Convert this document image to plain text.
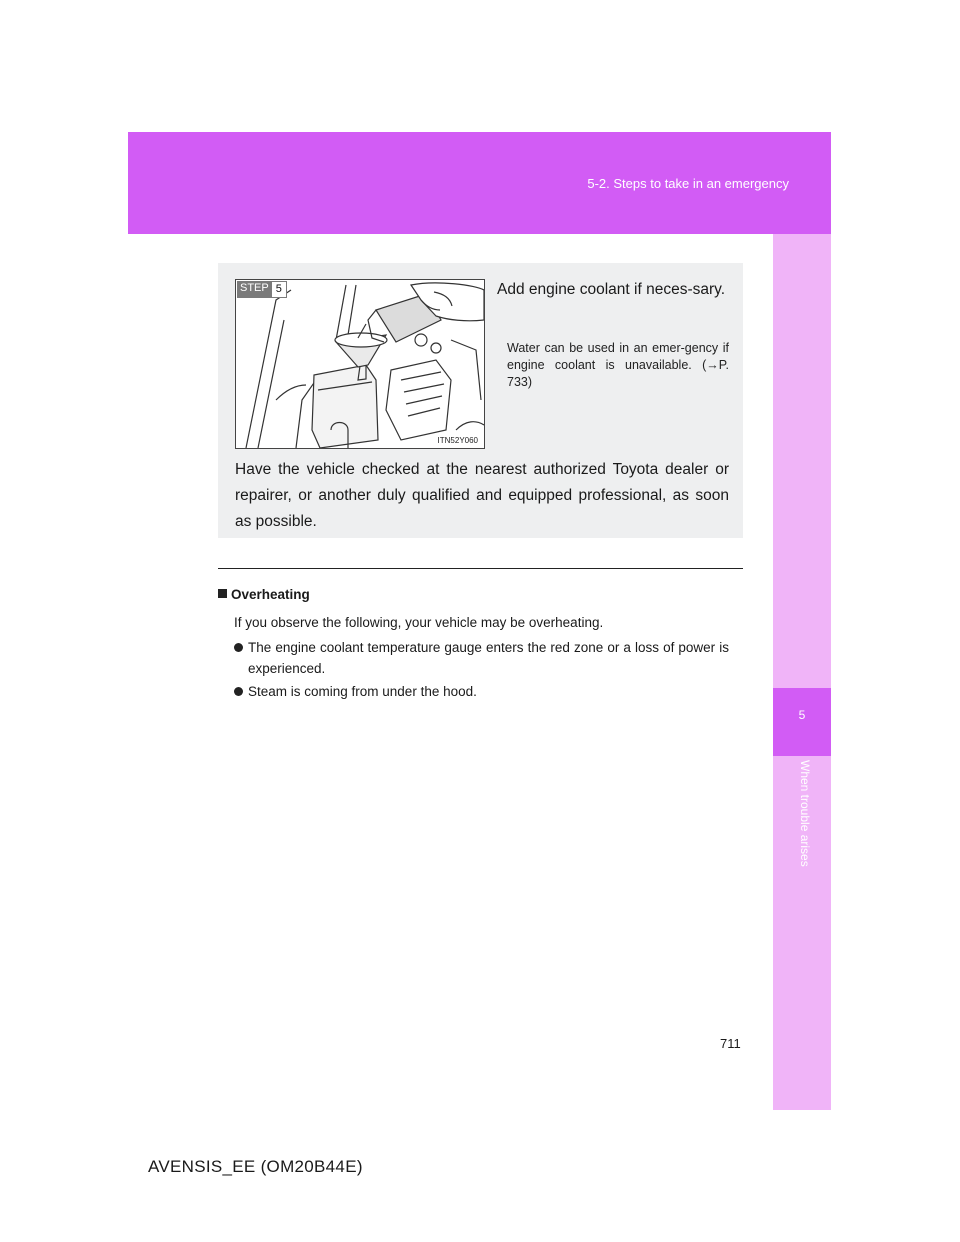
5-2. Steps to take in an emergency
5
When trouble arises
STEP 5
ITN52Y060
Add engine coolant if neces-sary.
Water can be used in an emer-gency if engine coolant is unavailable. (→P. 733)
Have the vehicle checked at the nearest authorized Toyota dealer or repairer, or another duly qualified and equipped professional, as soon as possible.
Overheating
If you observe the following, your vehicle may be overheating.
The engine coolant temperature gauge enters the red zone or a loss of power is experienced.
Steam is coming from under the hood.
711
AVENSIS_EE (OM20B44E)
